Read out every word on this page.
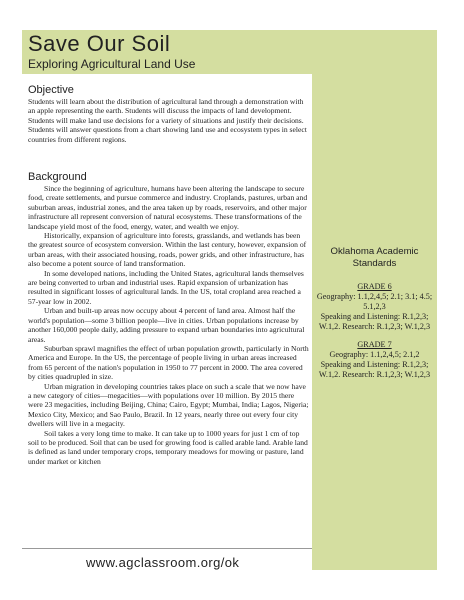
Save Our Soil
Exploring Agricultural Land Use
Objective

Students will learn about the distribution of agricultural land through a demonstration with an apple representing the earth. Students will discuss the impacts of land development. Students will make land use decisions for a variety of situations and justify their decisions. Students will answer questions from a chart showing land use and ecosystem types in select countries from different regions.

Background

Since the beginning of agriculture, humans have been altering the landscape to secure food, create settlements, and pursue commerce and industry. Croplands, pastures, urban and suburban areas, industrial zones, and the area taken up by roads, reservoirs, and other major infrastructure all represent conversion of natural ecosystems. These transformations of the landscape yield most of the food, energy, water, and wealth we enjoy.

Historically, expansion of agriculture into forests, grasslands, and wetlands has been the greatest source of ecosystem conversion. Within the last century, however, expansion of urban areas, with their associated housing, roads, power grids, and other infrastructure, has also become a potent source of land transformation.

In some developed nations, including the United States, agricultural lands themselves are being converted to urban and industrial uses. Rapid expansion of urbanization has resulted in significant losses of agricultural lands. In the US, total cropland area reached a 57-year low in 2002.

Urban and built-up areas now occupy about 4 percent of land area. Almost half the world's population—some 3 billion people—live in cities. Urban populations increase by another 160,000 people daily, adding pressure to expand urban boundaries into agricultural areas.

Suburban sprawl magnifies the effect of urban population growth, particularly in North America and Europe. In the US, the percentage of people living in urban areas increased from 65 percent of the nation's population in 1950 to 77 percent in 2000. The area covered by cities quadrupled in size.

Urban migration in developing countries takes place on such a scale that we now have a new category of cities—megacities—with populations over 10 million. By 2015 there were 23 megacities, including Beijing, China; Cairo, Egypt; Mumbai, India; Lagos, Nigeria; Mexico City, Mexico; and Sao Paulo, Brazil. In 12 years, nearly three out every four city dwellers will live in a megacity.

Soil takes a very long time to make. It can take up to 1000 years for just 1 cm of top soil to be produced. Soil that can be used for growing food is called arable land. Arable land is defined as land under temporary crops, temporary meadows for mowing or pasture, land under market or kitchen

Oklahoma Academic Standards
GRADE 6
Geography: 1.1,2,4,5; 2.1; 3.1; 4.5; 5.1,2,3
Speaking and Listening: R.1,2,3; W.1,2. Research: R.1,2,3; W.1,2,3
GRADE 7
Geography: 1.1,2,4,5; 2.1,2
Speaking and Listening: R.1,2,3; W.1,2. Research: R.1,2,3; W.1,2,3
www.agclassroom.org/ok
